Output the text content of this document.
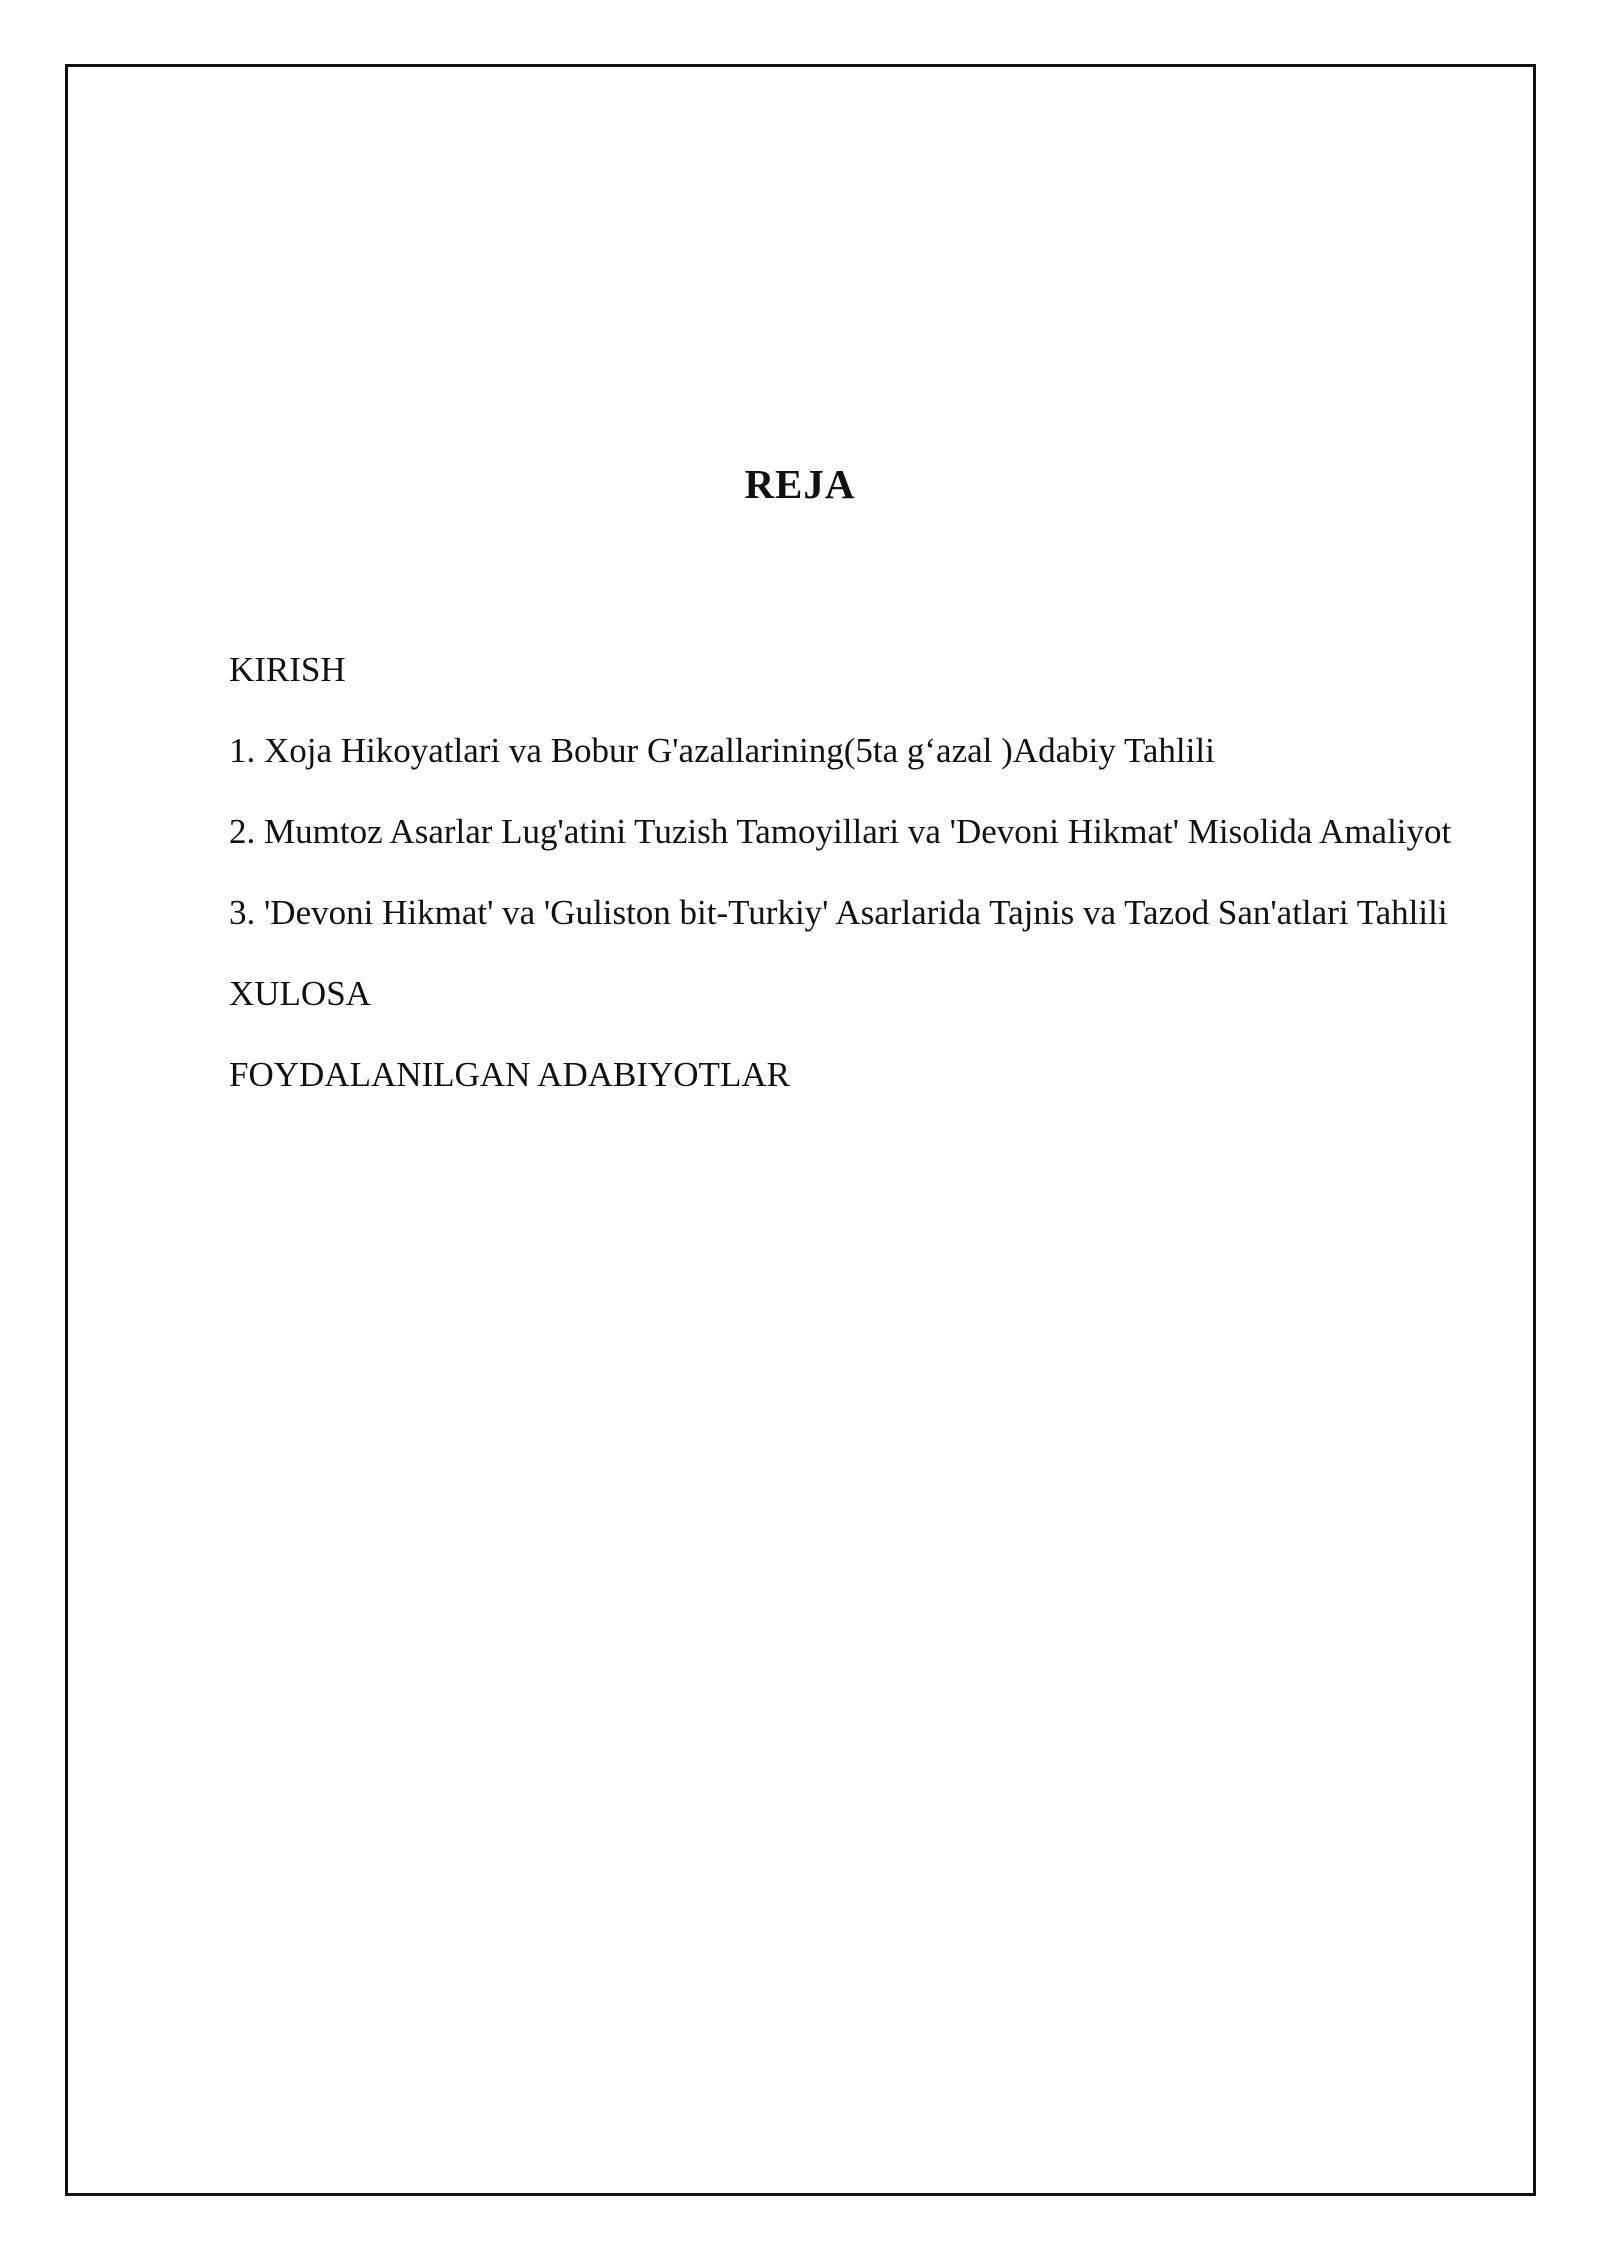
REJA
KIRISH
1. Xoja Hikoyatlari va Bobur G'azallarining(5ta g‘azal )Adabiy Tahlili
2. Mumtoz Asarlar Lug'atini Tuzish Tamoyillari va 'Devoni Hikmat' Misolida Amaliyot
3. 'Devoni Hikmat' va 'Guliston bit-Turkiy' Asarlarida Tajnis va Tazod San'atlari Tahlili
XULOSA
FOYDALANILGAN ADABIYOTLAR
